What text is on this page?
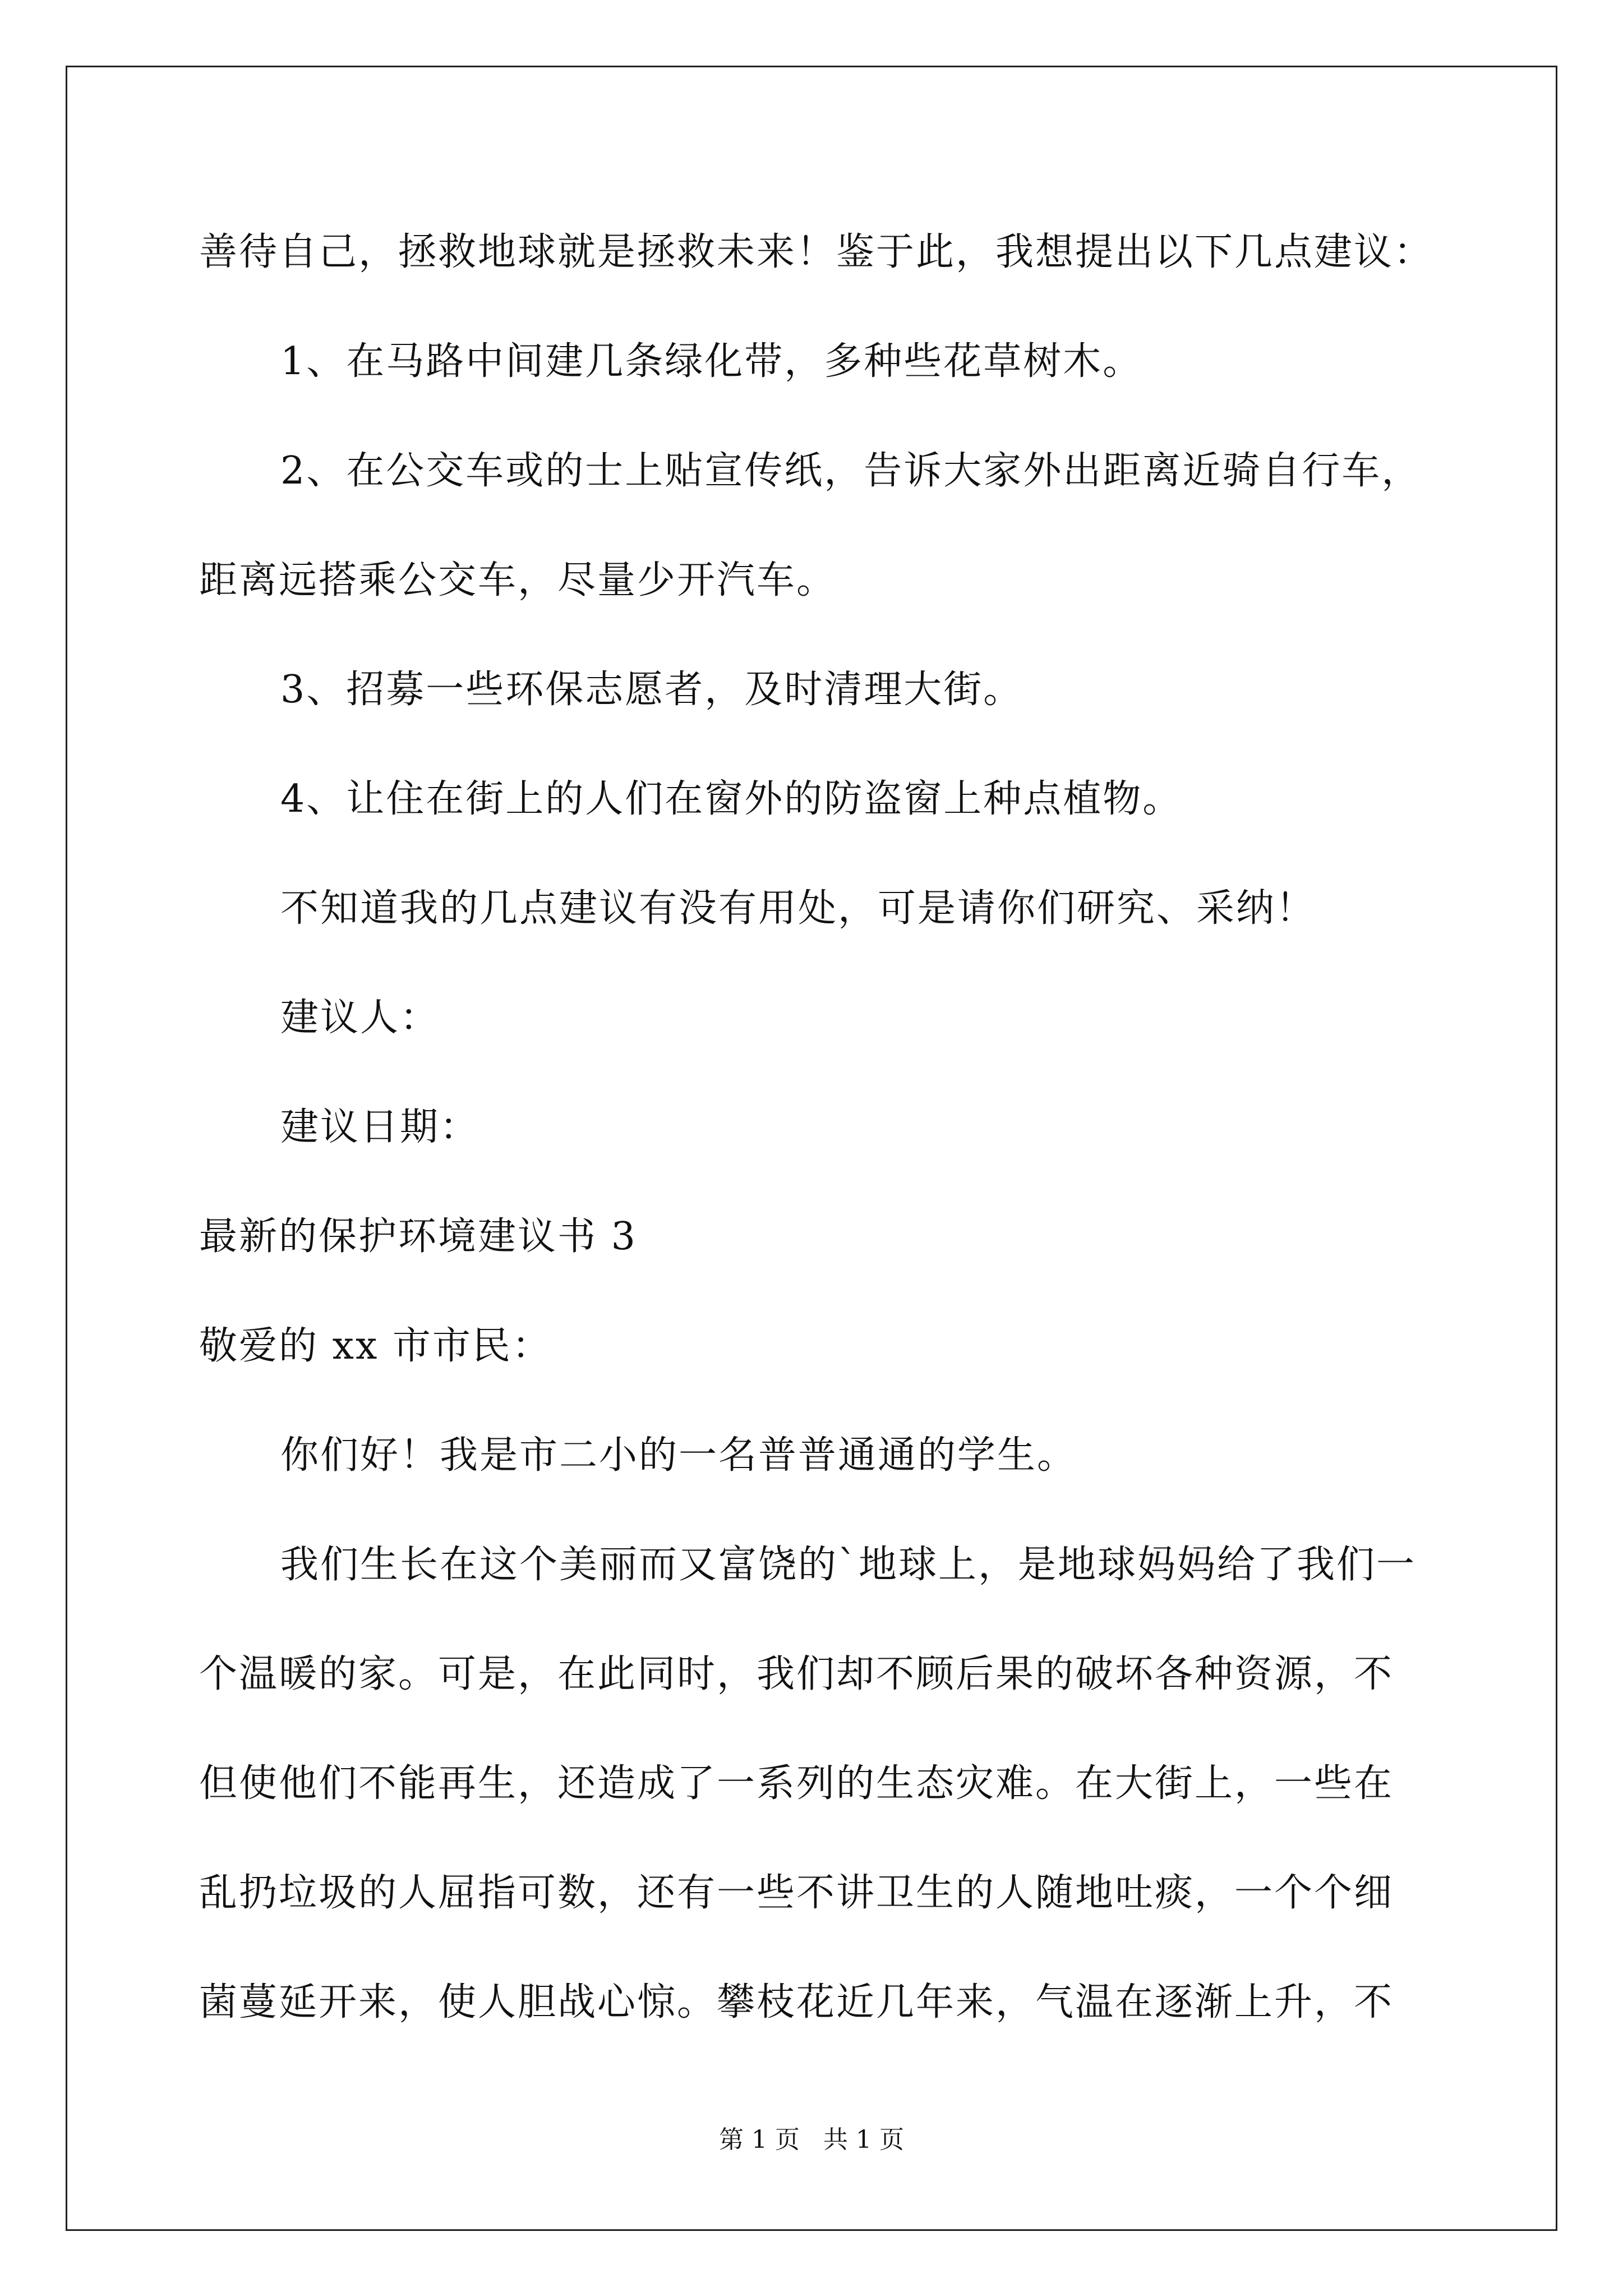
善待自己，拯救地球就是拯救未来！鉴于此，我想提出以下几点建议：

1、在马路中间建几条绿化带，多种些花草树木。

2、在公交车或的士上贴宣传纸，告诉大家外出距离近骑自行车，

距离远搭乘公交车，尽量少开汽车。

3、招募一些环保志愿者，及时清理大街。

4、让住在街上的人们在窗外的防盗窗上种点植物。

不知道我的几点建议有没有用处，可是请你们研究、采纳！

建议人：

建议日期：

最新的保护环境建议书 3

敬爱的 xx 市市民：

你们好！我是市二小的一名普普通通的学生。

我们生长在这个美丽而又富饶的`地球上，是地球妈妈给了我们一

个温暖的家。可是，在此同时，我们却不顾后果的破坏各种资源，不

但使他们不能再生，还造成了一系列的生态灾难。在大街上，一些在

乱扔垃圾的人屈指可数，还有一些不讲卫生的人随地吐痰，一个个细

菌蔓延开来，使人胆战心惊。攀枝花近几年来，气温在逐渐上升，不

第 1 页   共 1 页
